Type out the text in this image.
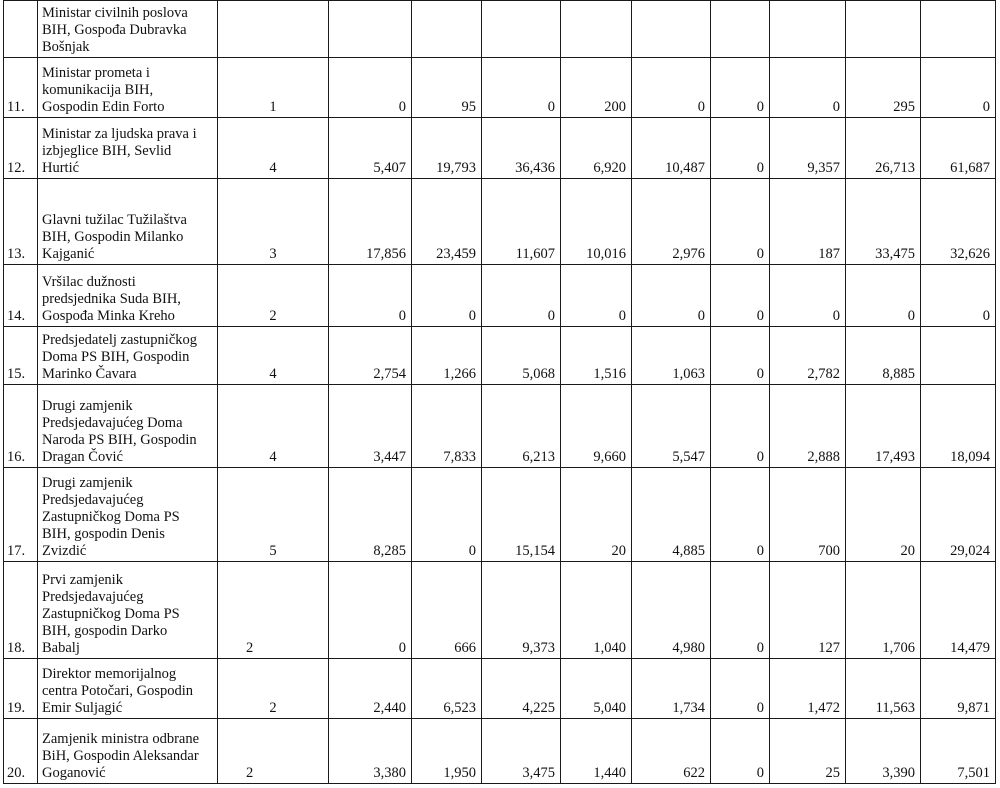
	Ministar civilnih poslova
BIH, Gospođa Dubravka
Bošnjak										
11.	Ministar prometa i
komunikacija BIH,
Gospodin Edin Forto	1	0	95	0	200	0	0	0	295	0
12.	Ministar za ljudska prava i
izbjeglice BIH, Sevlid
Hurtić	4	5,407	19,793	36,436	6,920	10,487	0	9,357	26,713	61,687
13.	Glavni tužilac Tužilaštva
BIH, Gospodin Milanko
Kajganić	3	17,856	23,459	11,607	10,016	2,976	0	187	33,475	32,626
14.	Vršilac dužnosti
predsjednika Suda BIH,
Gospođa Minka Kreho	2	0	0	0	0	0	0	0	0	0
15.	Predsjedatelj zastupničkog
Doma PS BIH, Gospodin
Marinko Čavara	4	2,754	1,266	5,068	1,516	1,063	0	2,782	8,885	
16.	Drugi zamjenik
Predsjedavajućeg Doma
Naroda PS BIH, Gospodin
Dragan Čović	4	3,447	7,833	6,213	9,660	5,547	0	2,888	17,493	18,094
17.	Drugi zamjenik
Predsjedavajućeg
Zastupničkog Doma PS
BIH, gospodin Denis
Zvizdić	5	8,285	0	15,154	20	4,885	0	700	20	29,024
18.	Prvi zamjenik
Predsjedavajućeg
Zastupničkog Doma PS
BIH, gospodin Darko
Babalj	2	0	666	9,373	1,040	4,980	0	127	1,706	14,479
19.	Direktor memorijalnog
centra Potočari, Gospodin
Emir Suljagić	2	2,440	6,523	4,225	5,040	1,734	0	1,472	11,563	9,871
20.	Zamjenik ministra odbrane
BiH, Gospodin Aleksandar
Goganović	2	3,380	1,950	3,475	1,440	622	0	25	3,390	7,501
